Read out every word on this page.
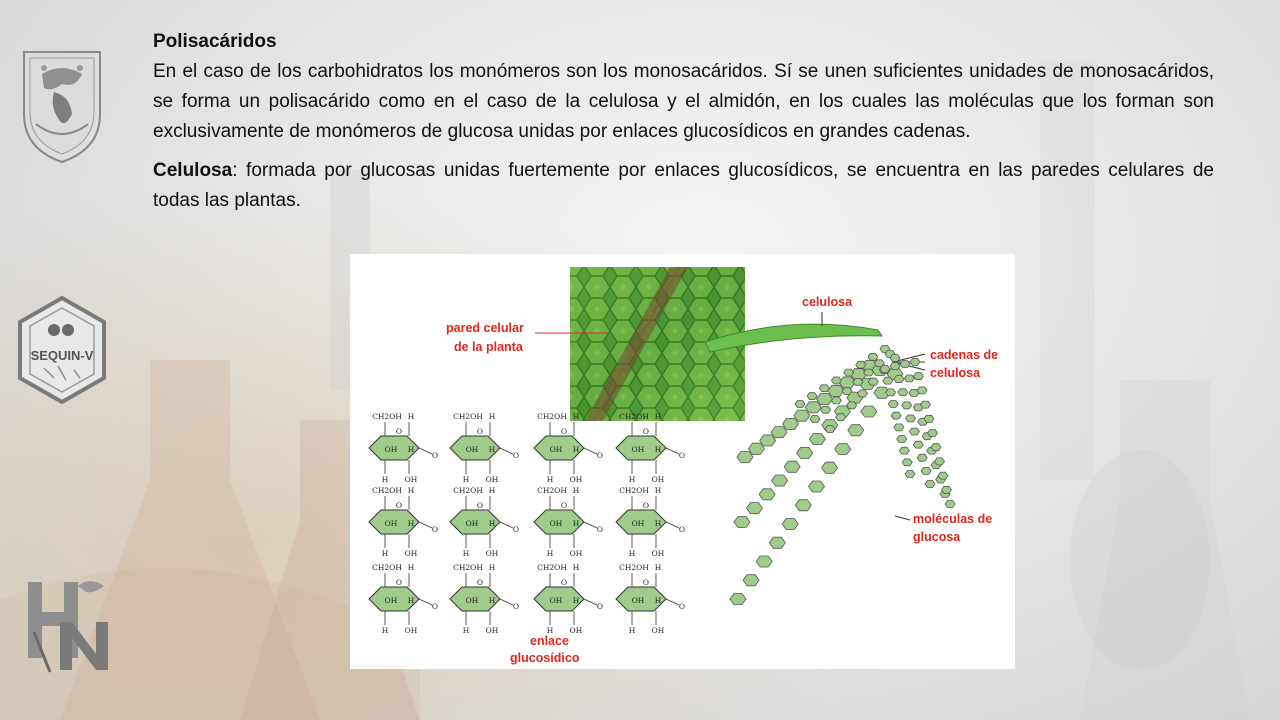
SEQUIN-V

Polisacáridos

En el caso de los carbohidratos los monómeros son los monosacáridos. Sí se unen suficientes unidades de monosacáridos, se forma un polisacárido como en el caso de la celulosa y el almidón, en los cuales las moléculas que los forman son exclusivamente de monómeros de glucosa unidas por enlaces glucosídicos en grandes cadenas.

Celulosa: formada por glucosas unidas fuertemente por enlaces glucosídicos, se encuentra en las paredes celulares de todas las plantas.

pared celular
de la planta
celulosa
cadenas de
celulosa
moléculas de
glucosa
enlace
glucosídico
CH2OH H
H OH
O
OH H
O
CH2OH H
H OH
O
OH H
O
CH2OH H
H OH
O
OH H
O
CH2OH H
H OH
O
OH H
O
CH2OH H
H OH
O
OH H
O
CH2OH H
H OH
O
OH H
O
CH2OH H
H OH
O
OH H
O
CH2OH H
H OH
O
OH H
O
CH2OH H
H OH
O
OH H
O
CH2OH H
H OH
O
OH H
O
CH2OH H
H OH
O
OH H
O
CH2OH H
H OH
O
OH H
O
